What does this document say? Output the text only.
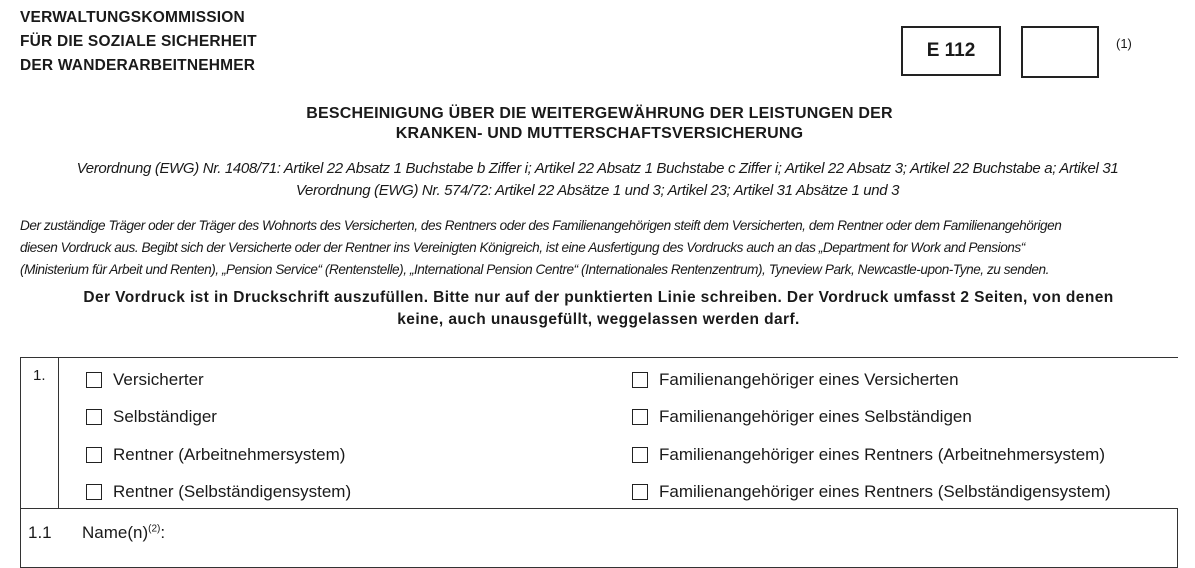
VERWALTUNGSKOMMISSION
FÜR DIE SOZIALE SICHERHEIT
DER WANDERARBEITNEHMER
E 112	(1)
BESCHEINIGUNG ÜBER DIE WEITERGEWÄHRUNG DER LEISTUNGEN DER
KRANKEN- UND MUTTERSCHAFTSVERSICHERUNG
Verordnung (EWG) Nr. 1408/71: Artikel 22 Absatz 1 Buchstabe b Ziffer i; Artikel 22 Absatz 1 Buchstabe c Ziffer i; Artikel 22 Absatz 3; Artikel 22 Buchstabe a; Artikel 31
Verordnung (EWG) Nr. 574/72: Artikel 22 Absätze 1 und 3; Artikel 23; Artikel 31 Absätze 1 und 3
Der zuständige Träger oder der Träger des Wohnorts des Versicherten, des Rentners oder des Familienangehörigen steift dem Versicherten, dem Rentner oder dem Familienangehörigen
diesen Vordruck aus. Begibt sich der Versicherte oder der Rentner ins Vereinigten Königreich, ist eine Ausfertigung des Vordrucks auch an das „Department for Work and Pensions“
(Ministerium für Arbeit und Renten), „Pension Service“ (Rentenstelle), „International Pension Centre“ (Internationales Rentenzentrum), Tyneview Park, Newcastle-upon-Tyne, zu senden.
Der Vordruck ist in Druckschrift auszufüllen. Bitte nur auf der punktierten Linie schreiben. Der Vordruck umfasst 2 Seiten, von denen
keine, auch unausgefüllt, weggelassen werden darf.
1.	Versicherter
Selbständiger
Rentner (Arbeitnehmersystem)
Rentner (Selbständigensystem)
Familienangehöriger eines Versicherten
Familienangehöriger eines Selbständigen
Familienangehöriger eines Rentners (Arbeitnehmersystem)
Familienangehöriger eines Rentners (Selbständigensystem)
1.1 $Name(n)^{(2)}$:
